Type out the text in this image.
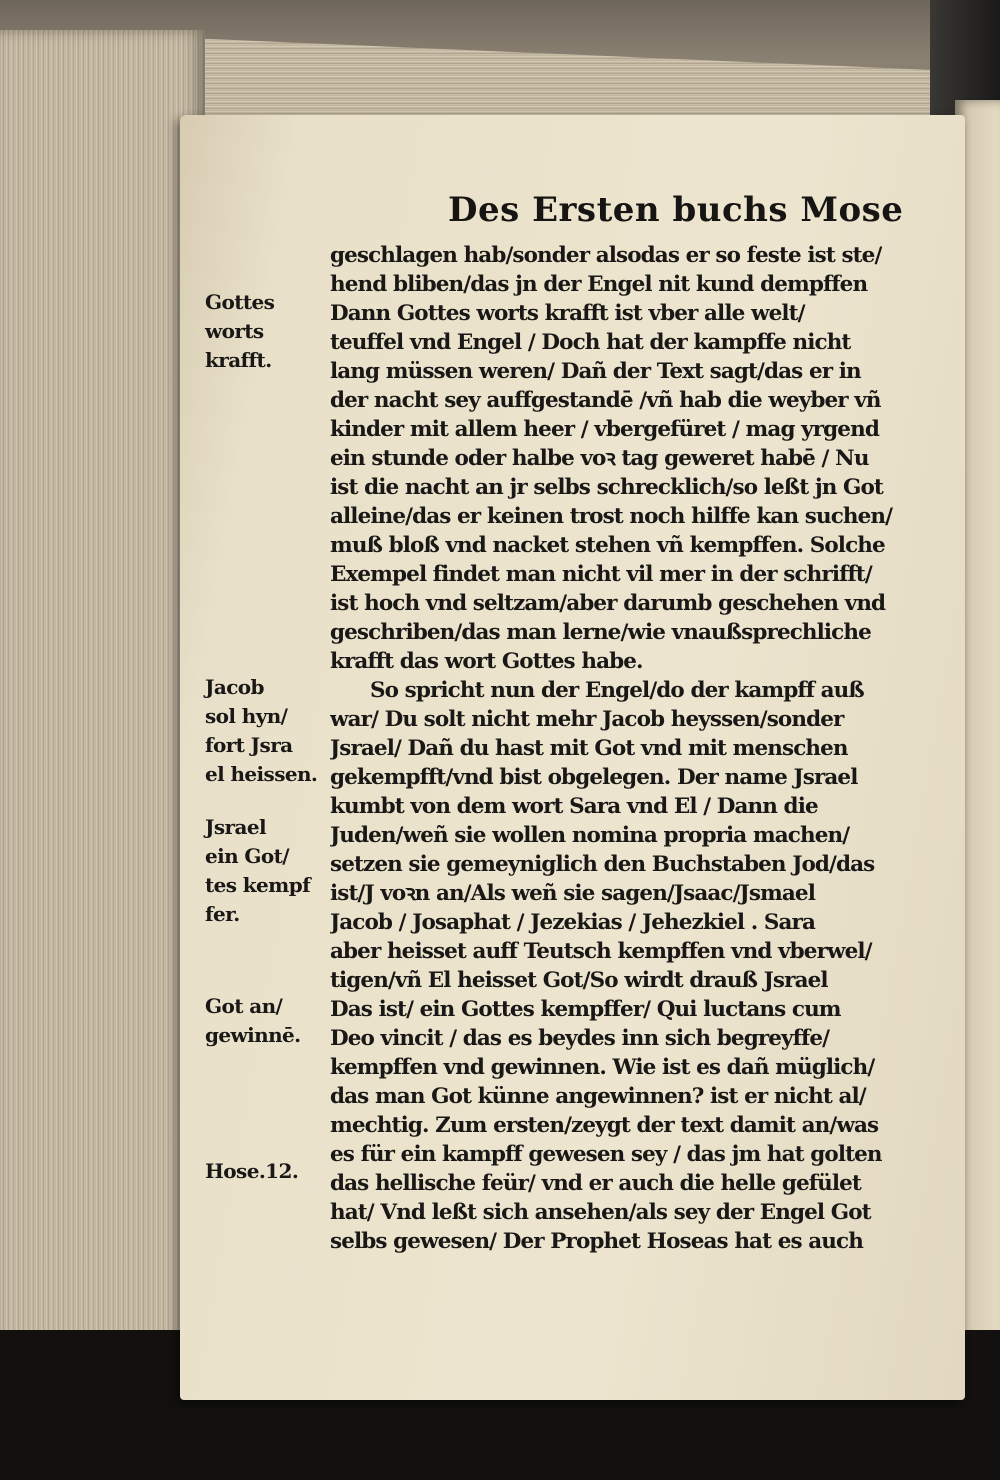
Des Ersten buchs Mose
geschlagen hab/sonder alsodas er so feste ist ste/
hend bliben/das jn der Engel nit kund dempffen
Dann Gottes worts krafft ist vber alle welt/
teuffel vnd Engel / Doch hat der kampffe nicht
lang müssen weren/ Dañ der Text sagt/das er in
der nacht sey auffgestandē /vñ hab die weyber vñ
kinder mit allem heer / vbergefüret / mag yrgend
ein stunde oder halbe voꝛ tag geweret habē / Nu
ist die nacht an jr selbs schrecklich/so leßt jn Got
alleine/das er keinen trost noch hilffe kan suchen/
muß bloß vnd nacket stehen vñ kempffen. Solche
Exempel findet man nicht vil mer in der schrifft/
ist hoch vnd seltzam/aber darumb geschehen vnd
geschriben/das man lerne/wie vnaußsprechliche
krafft das wort Gottes habe.
So spricht nun der Engel/do der kampff auß
war/ Du solt nicht mehr Jacob heyssen/sonder
Jsrael/ Dañ du hast mit Got vnd mit menschen
gekempfft/vnd bist obgelegen. Der name Jsrael
kumbt von dem wort Sara vnd El / Dann die
Juden/weñ sie wollen nomina propria machen/
setzen sie gemeyniglich den Buchstaben Jod/das
ist/J voꝛn an/Als weñ sie sagen/Jsaac/Jsmael
Jacob / Josaphat / Jezekias / Jehezkiel . Sara
aber heisset auff Teutsch kempffen vnd vberwel/
tigen/vñ El heisset Got/So wirdt drauß Jsrael
Das ist/ ein Gottes kempffer/ Qui luctans cum
Deo vincit / das es beydes inn sich begreyffe/
kempffen vnd gewinnen. Wie ist es dañ müglich/
das man Got künne angewinnen? ist er nicht al/
mechtig. Zum ersten/zeygt der text damit an/was
es für ein kampff gewesen sey / das jm hat golten
das hellische feür/ vnd er auch die helle gefület
hat/ Vnd leßt sich ansehen/als sey der Engel Got
selbs gewesen/ Der Prophet Hoseas hat es auch
Gottes
worts
krafft.
Jacob
sol hyn/
fort Jsra
el heissen.
Jsrael
ein Got/
tes kempf
fer.
Got an/
gewinnē.
Hose.12.
